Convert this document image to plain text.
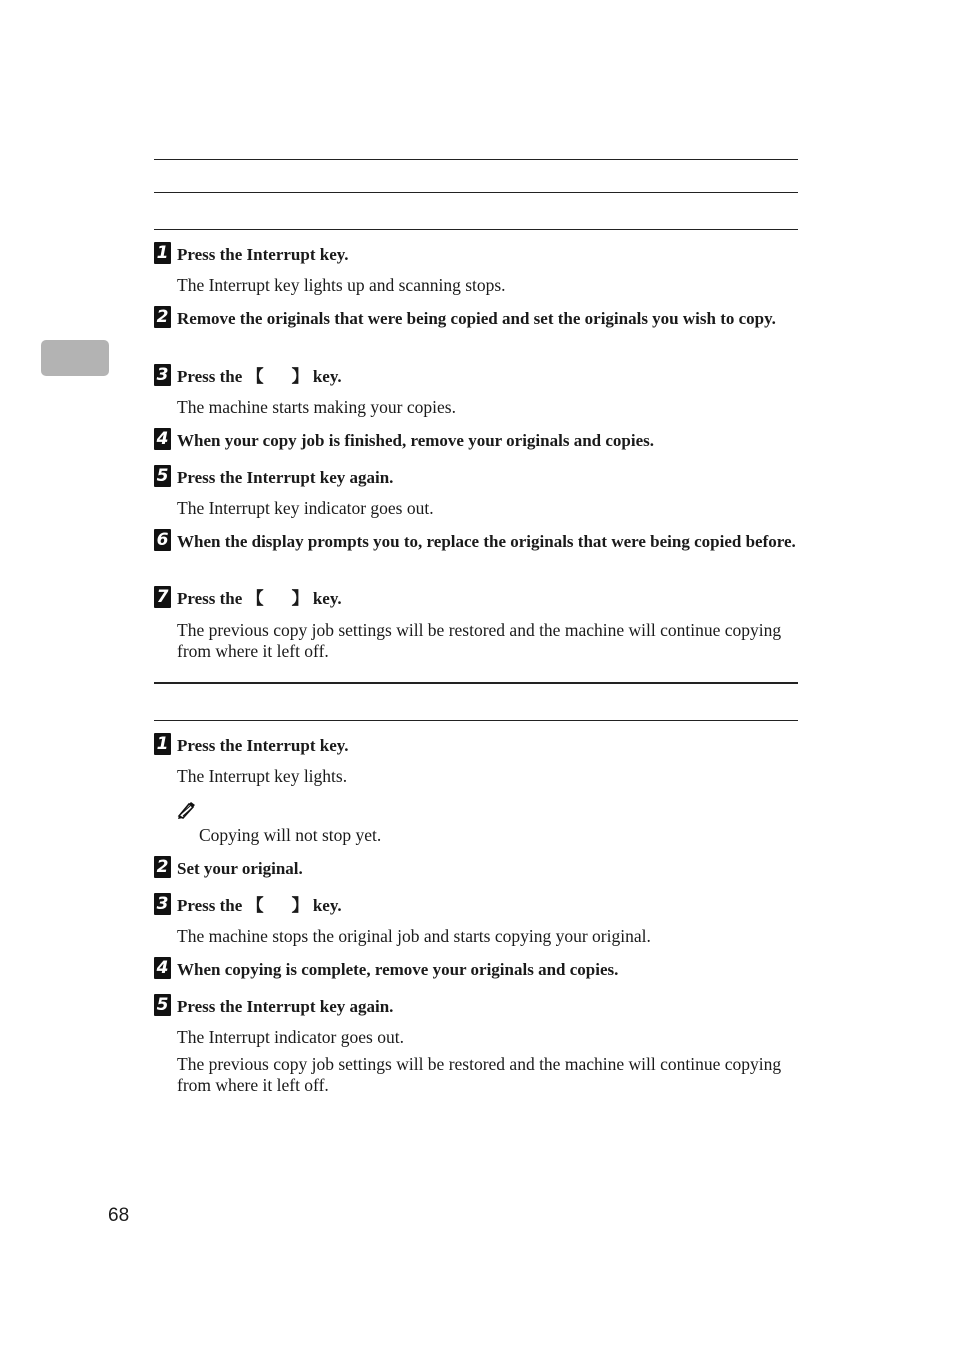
1 Press the Interrupt key.
The Interrupt key lights up and scanning stops.
2 Remove the originals that were being copied and set the originals you wish to copy.
3 Press the 【 】 key.
The machine starts making your copies.
4 When your copy job is finished, remove your originals and copies.
5 Press the Interrupt key again.
The Interrupt key indicator goes out.
6 When the display prompts you to, replace the originals that were being copied before.
7 Press the 【 】 key.
The previous copy job settings will be restored and the machine will continue copying from where it left off.
1 Press the Interrupt key.
The Interrupt key lights.
Copying will not stop yet.
2 Set your original.
3 Press the 【 】 key.
The machine stops the original job and starts copying your original.
4 When copying is complete, remove your originals and copies.
5 Press the Interrupt key again.
The Interrupt indicator goes out.
The previous copy job settings will be restored and the machine will continue copying from where it left off.
68
